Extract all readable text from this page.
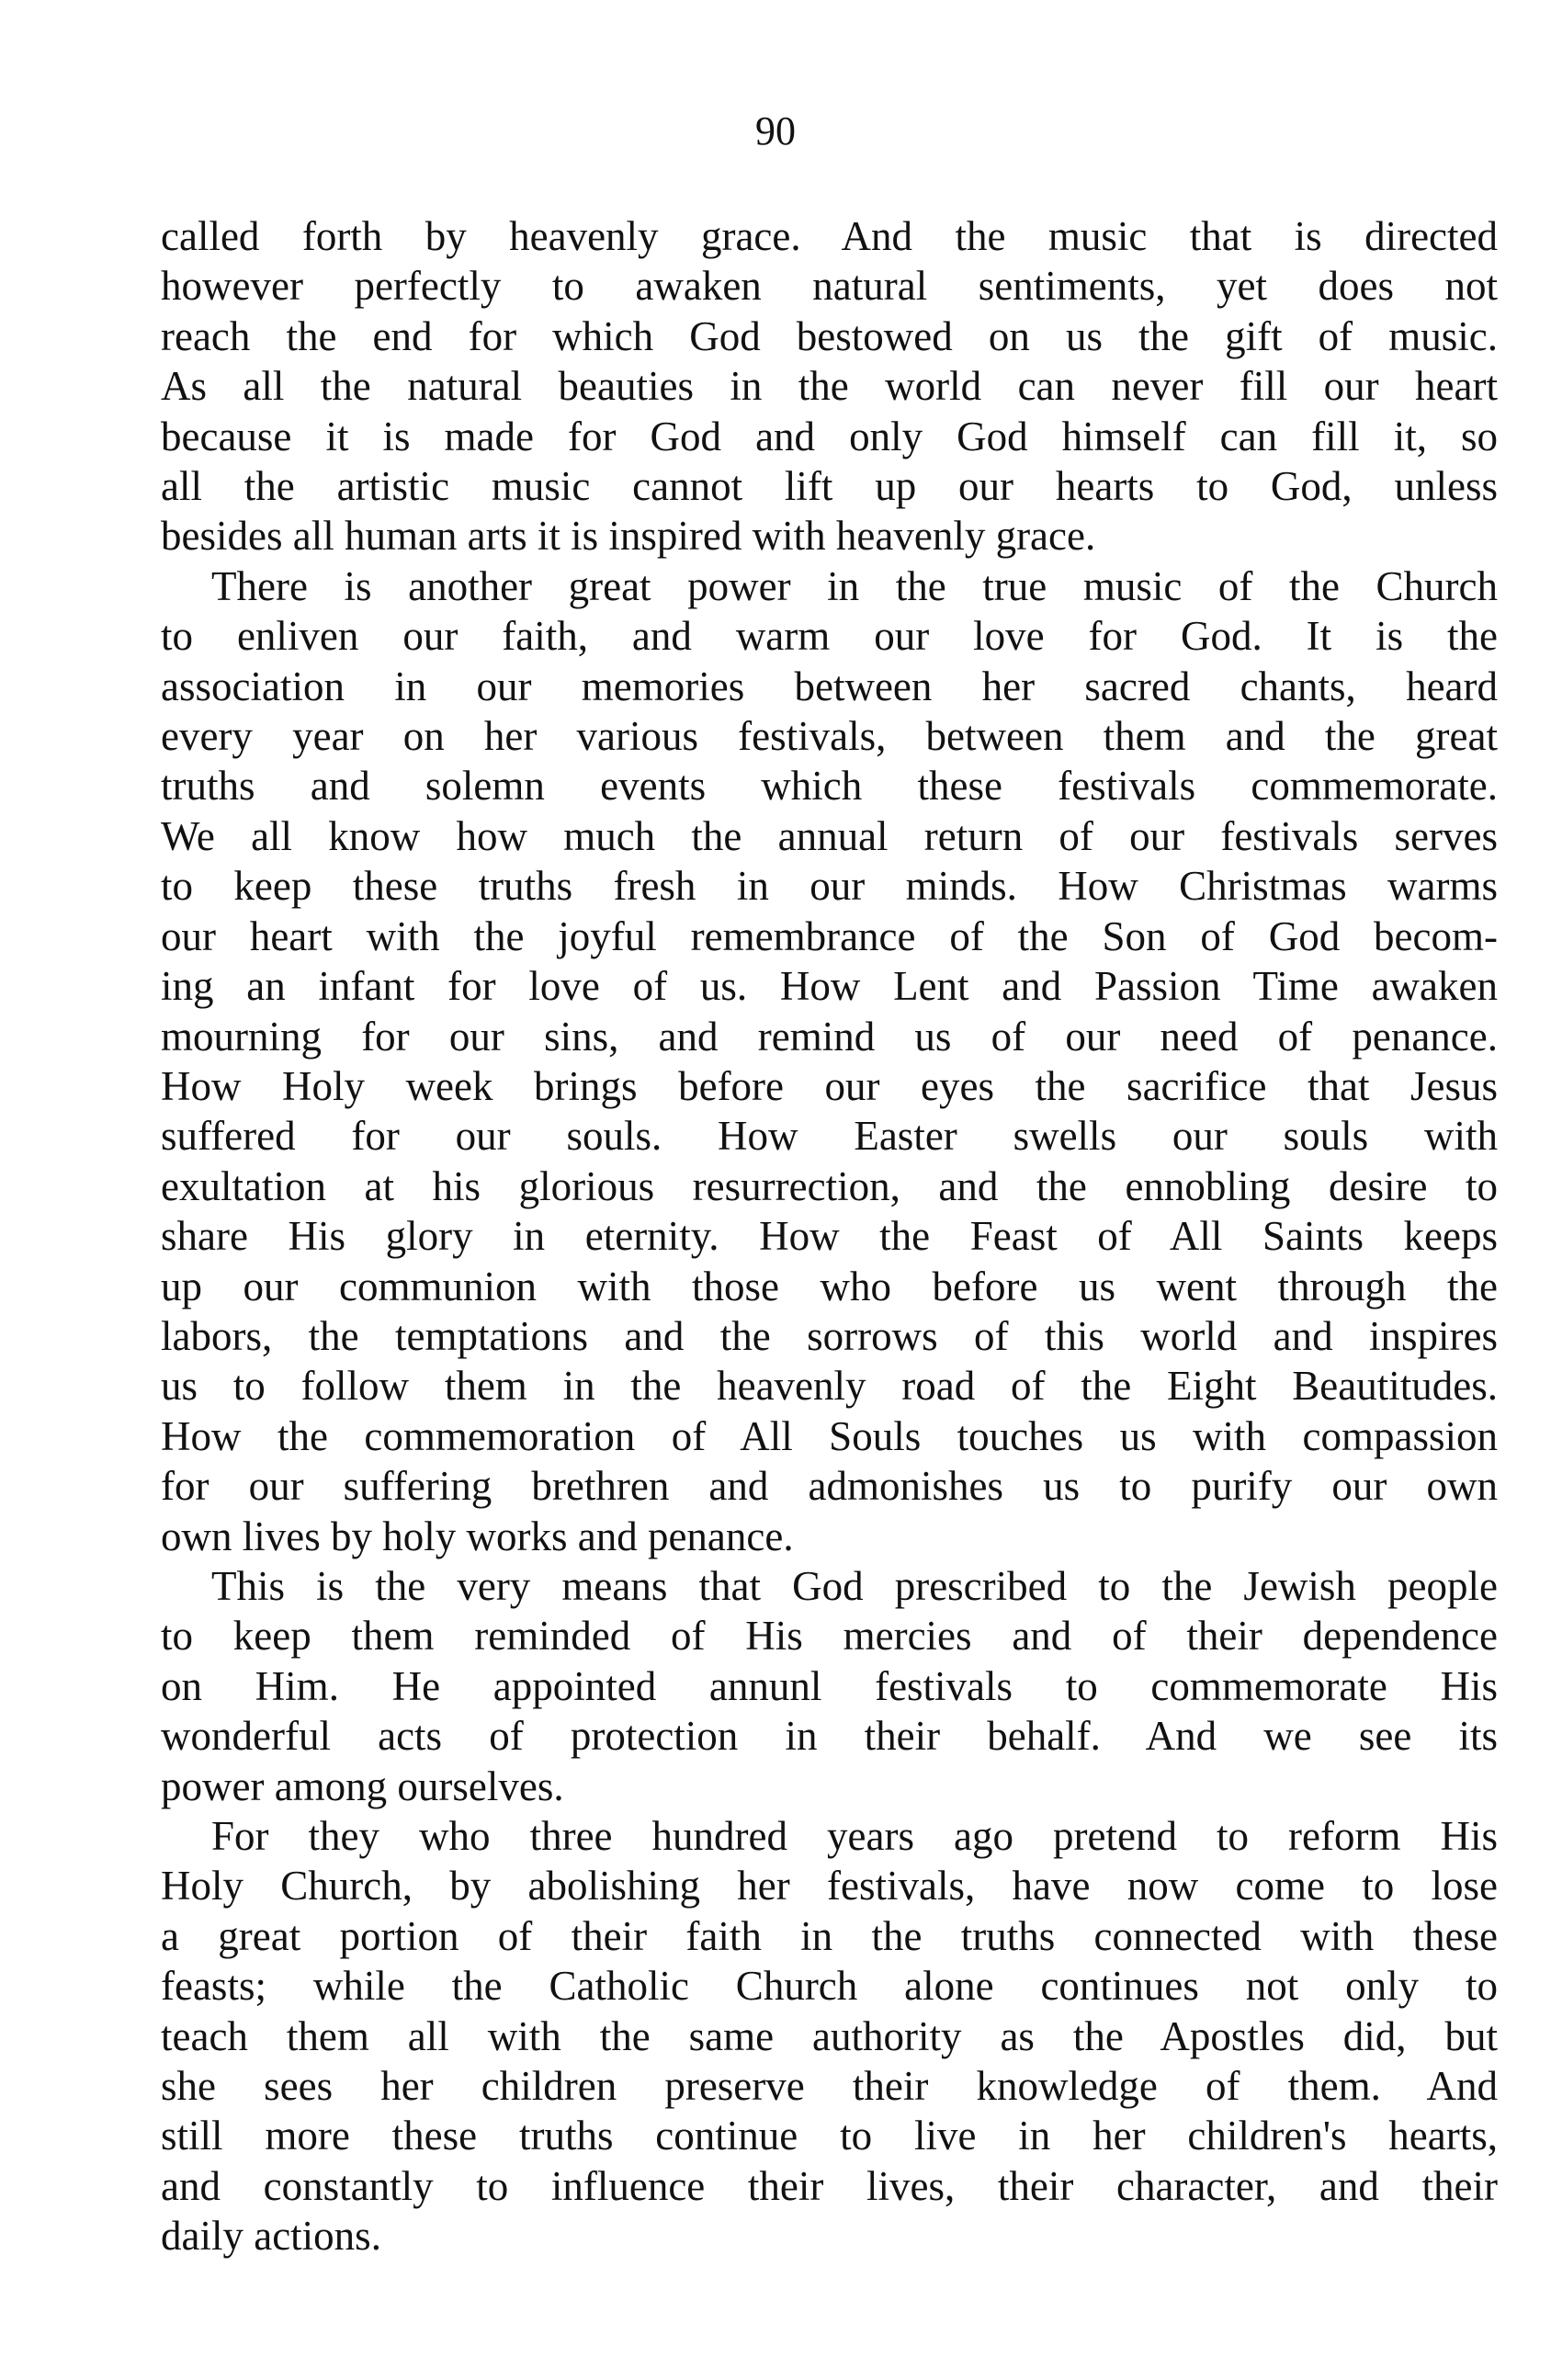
90

called forth by heavenly grace. And the music that is directed
however perfectly to awaken natural sentiments, yet does not
reach the end for which God bestowed on us the gift of music.
As all the natural beauties in the world can never fill our heart
because it is made for God and only God himself can fill it, so
all the artistic music cannot lift up our hearts to God, unless
besides all human arts it is inspired with heavenly grace.

There is another great power in the true music of the Church
to enliven our faith, and warm our love for God. It is the
association in our memories between her sacred chants, heard
every year on her various festivals, between them and the great
truths and solemn events which these festivals commemorate.
We all know how much the annual return of our festivals serves
to keep these truths fresh in our minds. How Christmas warms
our heart with the joyful remembrance of the Son of God becom-
ing an infant for love of us. How Lent and Passion Time awaken
mourning for our sins, and remind us of our need of penance.
How Holy week brings before our eyes the sacrifice that Jesus
suffered for our souls. How Easter swells our souls with
exultation at his glorious resurrection, and the ennobling desire to
share His glory in eternity. How the Feast of All Saints keeps
up our communion with those who before us went through the
labors, the temptations and the sorrows of this world and inspires
us to follow them in the heavenly road of the Eight Beautitudes.
How the commemoration of All Souls touches us with compassion
for our suffering brethren and admonishes us to purify our own
own lives by holy works and penance.

This is the very means that God prescribed to the Jewish people
to keep them reminded of His mercies and of their dependence
on Him. He appointed annunl festivals to commemorate His
wonderful acts of protection in their behalf. And we see its
power among ourselves.

For they who three hundred years ago pretend to reform His
Holy Church, by abolishing her festivals, have now come to lose
a great portion of their faith in the truths connected with these
feasts; while the Catholic Church alone continues not only to
teach them all with the same authority as the Apostles did, but
she sees her children preserve their knowledge of them. And
still more these truths continue to live in her children's hearts,
and constantly to influence their lives, their character, and their
daily actions.
